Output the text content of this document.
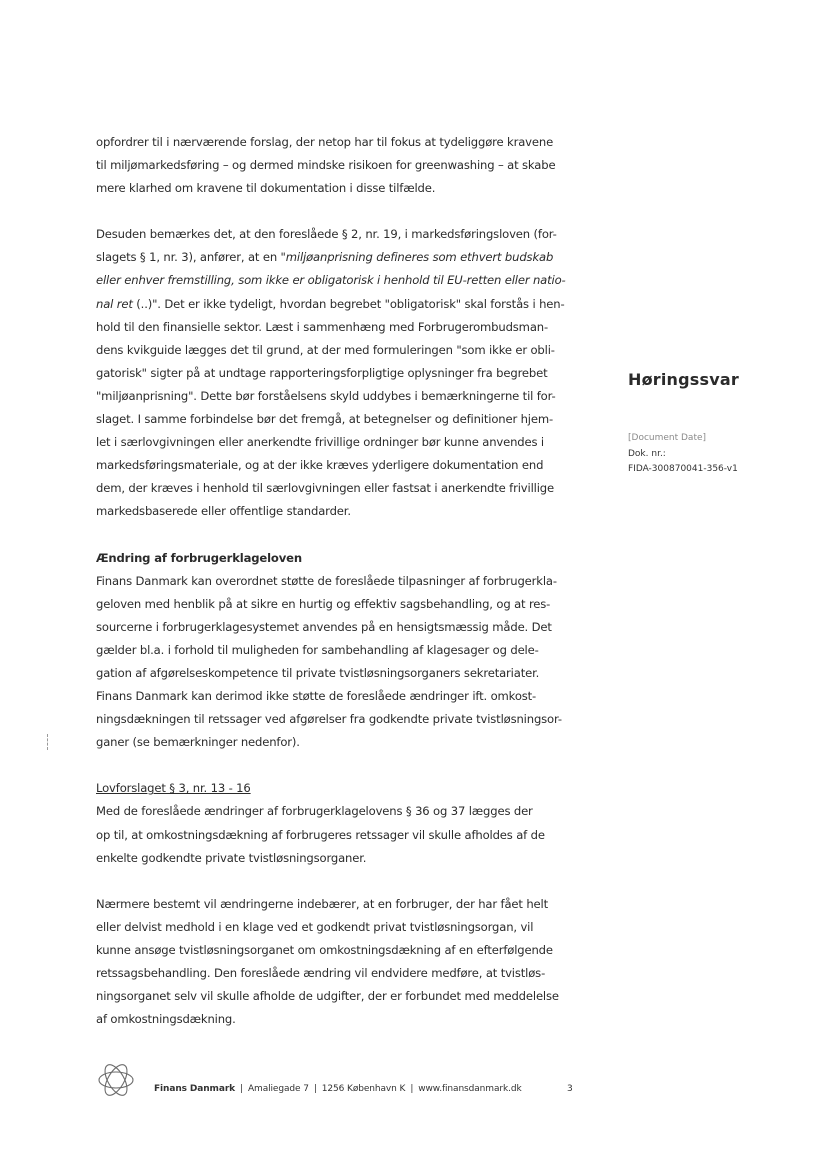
opfordrer til i nærværende forslag, der netop har til fokus at tydeliggøre kravene
til miljømarkedsføring – og dermed mindske risikoen for greenwashing – at skabe
mere klarhed om kravene til dokumentation i disse tilfælde.

Desuden bemærkes det, at den foreslåede § 2, nr. 19, i markedsføringsloven (for-
slagets § 1, nr. 3), anfører, at en "miljøanprisning defineres som ethvert budskab
eller enhver fremstilling, som ikke er obligatorisk i henhold til EU-retten eller natio-
nal ret (..)". Det er ikke tydeligt, hvordan begrebet "obligatorisk" skal forstås i hen-
hold til den finansielle sektor. Læst i sammenhæng med Forbrugerombudsman-
dens kvikguide lægges det til grund, at der med formuleringen "som ikke er obli-
gatorisk" sigter på at undtage rapporteringsforpligtige oplysninger fra begrebet
"miljøanprisning". Dette bør forståelsens skyld uddybes i bemærkningerne til for-
slaget. I samme forbindelse bør det fremgå, at betegnelser og definitioner hjem-
let i særlovgivningen eller anerkendte frivillige ordninger bør kunne anvendes i
markedsføringsmateriale, og at der ikke kræves yderligere dokumentation end
dem, der kræves i henhold til særlovgivningen eller fastsat i anerkendte frivillige
markedsbaserede eller offentlige standarder.

Ændring af forbrugerklageloven

Finans Danmark kan overordnet støtte de foreslåede tilpasninger af forbrugerkla-
geloven med henblik på at sikre en hurtig og effektiv sagsbehandling, og at res-
sourcerne i forbrugerklagesystemet anvendes på en hensigtsmæssig måde. Det
gælder bl.a. i forhold til muligheden for sambehandling af klagesager og dele-
gation af afgørelseskompetence til private tvistløsningsorganers sekretariater.
Finans Danmark kan derimod ikke støtte de foreslåede ændringer ift. omkost-
ningsdækningen til retssager ved afgørelser fra godkendte private tvistløsningsor-
ganer (se bemærkninger nedenfor).

Lovforslaget § 3, nr. 13 - 16

Med de foreslåede ændringer af forbrugerklagelovens § 36 og 37 lægges der
op til, at omkostningsdækning af forbrugeres retssager vil skulle afholdes af de
enkelte godkendte private tvistløsningsorganer.

Nærmere bestemt vil ændringerne indebærer, at en forbruger, der har fået helt
eller delvist medhold i en klage ved et godkendt privat tvistløsningsorgan, vil
kunne ansøge tvistløsningsorganet om omkostningsdækning af en efterfølgende
retssagsbehandling. Den foreslåede ændring vil endvidere medføre, at tvistløs-
ningsorganet selv vil skulle afholde de udgifter, der er forbundet med meddelelse
af omkostningsdækning.

Høringssvar

[Document Date]
Dok. nr.:
FIDA-300870041-356-v1
Finans Danmark | Amaliegade 7 | 1256 København K | www.finansdanmark.dk	3
